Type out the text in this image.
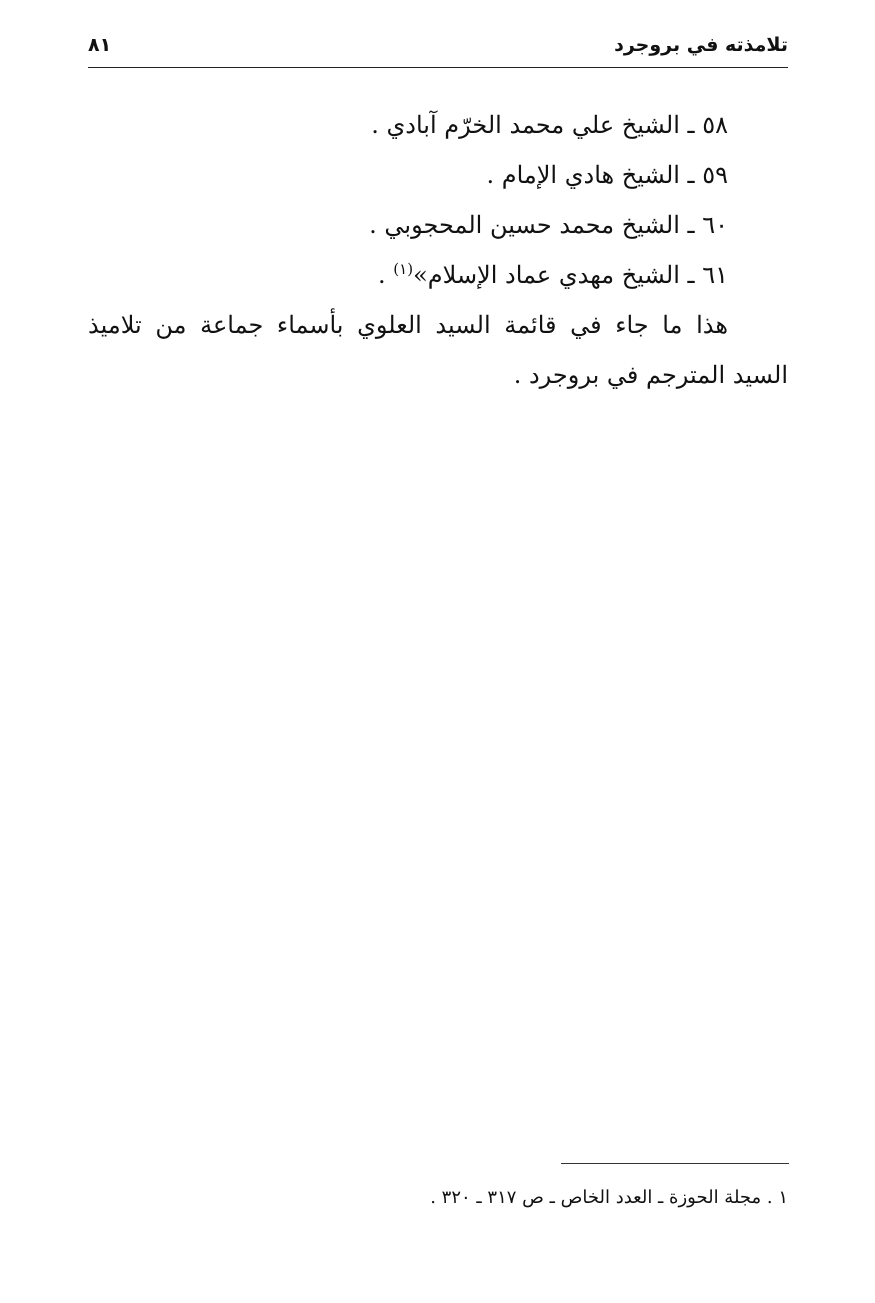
تلامذته في بروجرد
٨١
٥٨ ـ الشيخ علي محمد الخرّم آبادي .
٥٩ ـ الشيخ هادي الإمام .
٦٠ ـ الشيخ محمد حسين المحجوبي .
٦١ ـ الشيخ مهدي عماد الإسلام»$^{(١)}$ .

هذا ما جاء في قائمة السيد العلوي بأسماء جماعة من تلاميذ السيد المترجم في بروجرد .

١ . مجلة الحوزة ـ العدد الخاص ـ ص ٣١٧ ـ ٣٢٠ .
